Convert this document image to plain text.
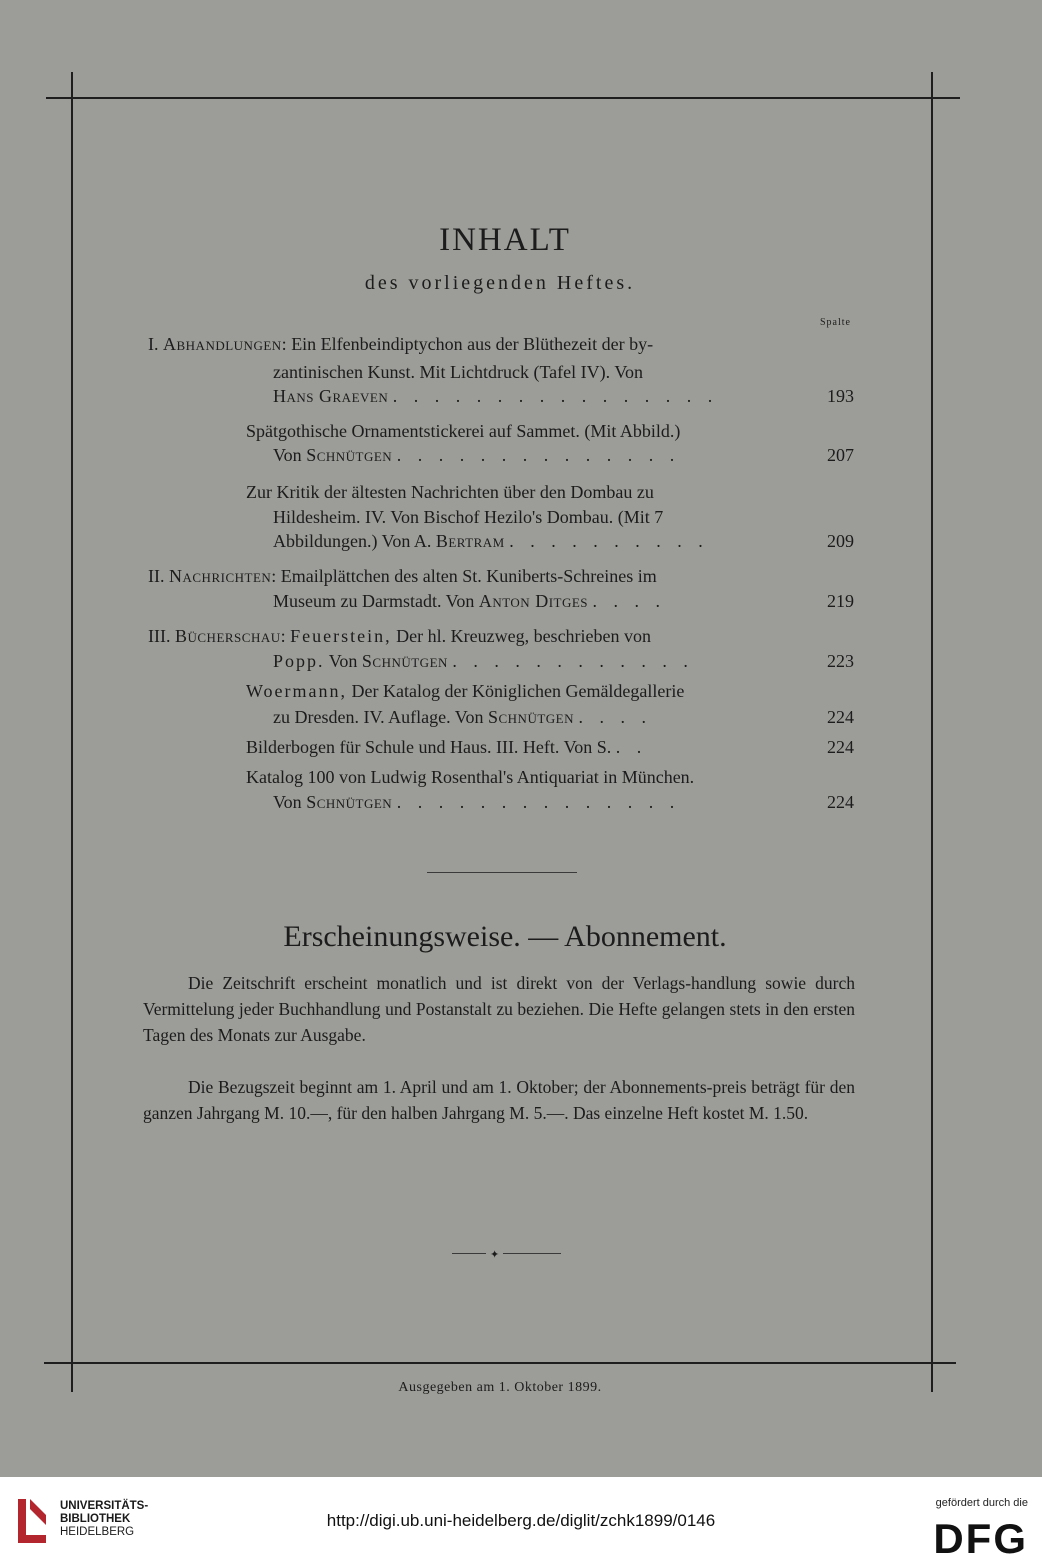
INHALT
des vorliegenden Heftes.
Spalte
I. Abhandlungen: Ein Elfenbeindiptychon aus der Blüthezeit der by-
zantinischen Kunst. Mit Lichtdruck (Tafel IV). Von
Hans Graeven . . . . . . . . . . . . . . . .	193
Spätgothische Ornamentstickerei auf Sammet. (Mit Abbild.)
Von Schnütgen . . . . . . . . . . . . . .	207
Zur Kritik der ältesten Nachrichten über den Dombau zu
Hildesheim. IV. Von Bischof Hezilo's Dombau. (Mit 7
Abbildungen.) Von A. Bertram . . . . . . . . . .	209
II. Nachrichten: Emailplättchen des alten St. Kuniberts-Schreines im
Museum zu Darmstadt. Von Anton Ditges . . . .	219
III. Bücherschau: Feuerstein, Der hl. Kreuzweg, beschrieben von
Popp. Von Schnütgen . . . . . . . . . . . .	223
Woermann, Der Katalog der Königlichen Gemäldegallerie
zu Dresden. IV. Auflage. Von Schnütgen . . . .	224
Bilderbogen für Schule und Haus. III. Heft. Von S. . .	224
Katalog 100 von Ludwig Rosenthal's Antiquariat in München.
Von Schnütgen . . . . . . . . . . . . . .	224
Erscheinungsweise. — Abonnement.
Die Zeitschrift erscheint monatlich und ist direkt von der Verlags-handlung sowie durch Vermittelung jeder Buchhandlung und Postanstalt zu beziehen. Die Hefte gelangen stets in den ersten Tagen des Monats zur Ausgabe.
Die Bezugszeit beginnt am 1. April und am 1. Oktober; der Abonnements-preis beträgt für den ganzen Jahrgang M. 10.—, für den halben Jahrgang M. 5.—. Das einzelne Heft kostet M. 1.50.
✦
Ausgegeben am 1. Oktober 1899.
UNIVERSITÄTS-
BIBLIOTHEK
HEIDELBERG
http://digi.ub.uni-heidelberg.de/diglit/zchk1899/0146
gefördert durch die
DFG
